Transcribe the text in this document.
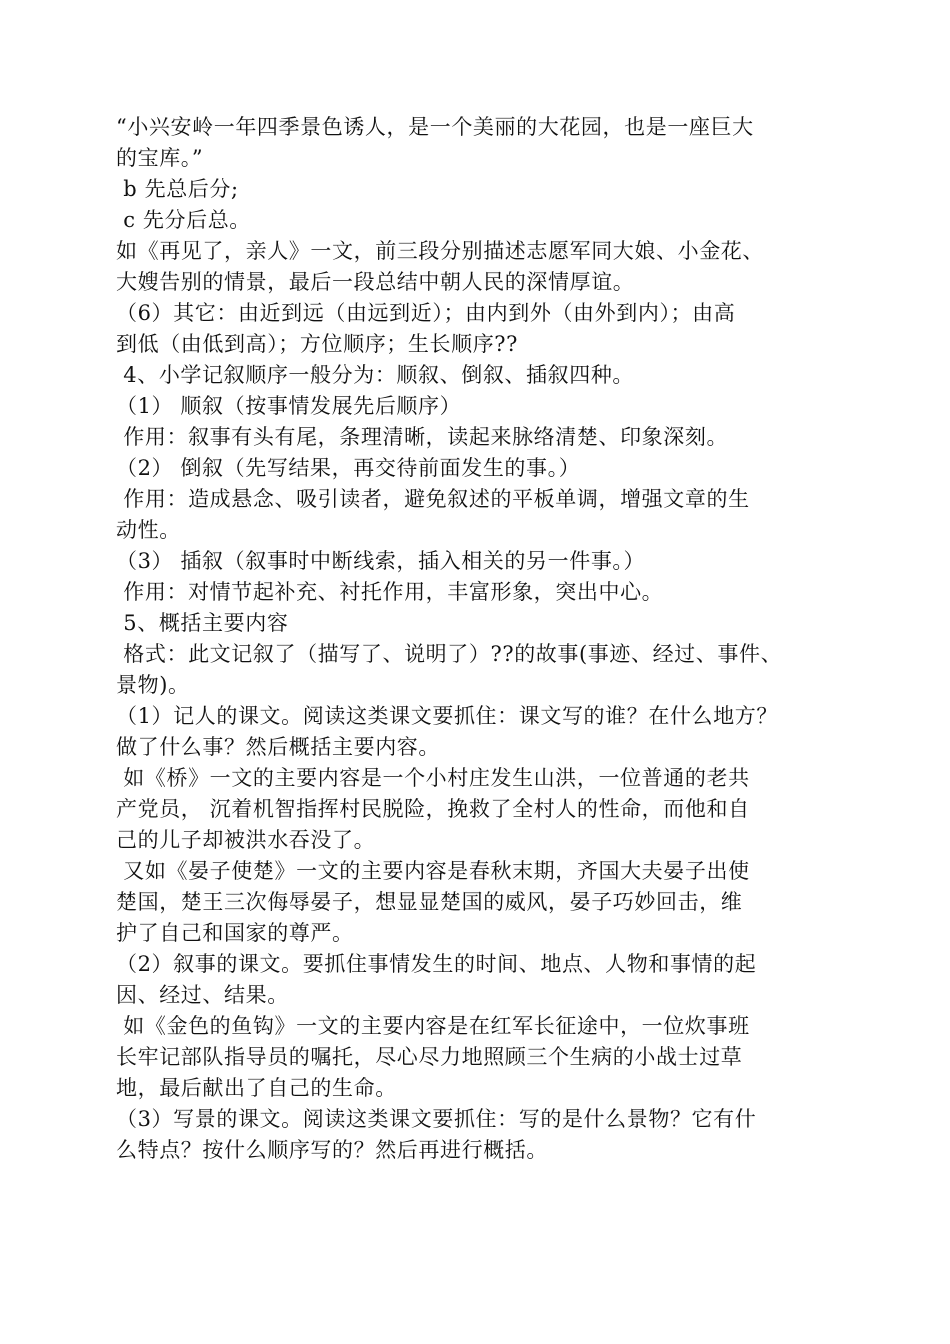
“小兴安岭一年四季景色诱人，是一个美丽的大花园，也是一座巨大
的宝库。”
b 先总后分;
c 先分后总。
如《再见了，亲人》一文，前三段分别描述志愿军同大娘、小金花、
大嫂告别的情景，最后一段总结中朝人民的深情厚谊。
（6）其它：由近到远（由远到近）；由内到外（由外到内）；由高
到低（由低到高）；方位顺序；生长顺序??
4、小学记叙顺序一般分为：顺叙、倒叙、插叙四种。
（1） 顺叙（按事情发展先后顺序）
作用：叙事有头有尾，条理清晰，读起来脉络清楚、印象深刻。
（2） 倒叙（先写结果，再交待前面发生的事。）
作用：造成悬念、吸引读者，避免叙述的平板单调，增强文章的生
动性。
（3） 插叙（叙事时中断线索，插入相关的另一件事。）
作用：对情节起补充、衬托作用，丰富形象，突出中心。
5、概括主要内容
格式：此文记叙了（描写了、说明了）??的故事(事迹、经过、事件、
景物)。
（1）记人的课文。阅读这类课文要抓住：课文写的谁？在什么地方？
做了什么事？然后概括主要内容。
如《桥》一文的主要内容是一个小村庄发生山洪，一位普通的老共
产党员， 沉着机智指挥村民脱险，挽救了全村人的性命，而他和自
己的儿子却被洪水吞没了。
又如《晏子使楚》一文的主要内容是春秋末期，齐国大夫晏子出使
楚国，楚王三次侮辱晏子，想显显楚国的威风，晏子巧妙回击，维
护了自己和国家的尊严。
（2）叙事的课文。要抓住事情发生的时间、地点、人物和事情的起
因、经过、结果。
如《金色的鱼钩》一文的主要内容是在红军长征途中，一位炊事班
长牢记部队指导员的嘱托，尽心尽力地照顾三个生病的小战士过草
地，最后献出了自己的生命。
（3）写景的课文。阅读这类课文要抓住：写的是什么景物？它有什
么特点？按什么顺序写的？然后再进行概括。
